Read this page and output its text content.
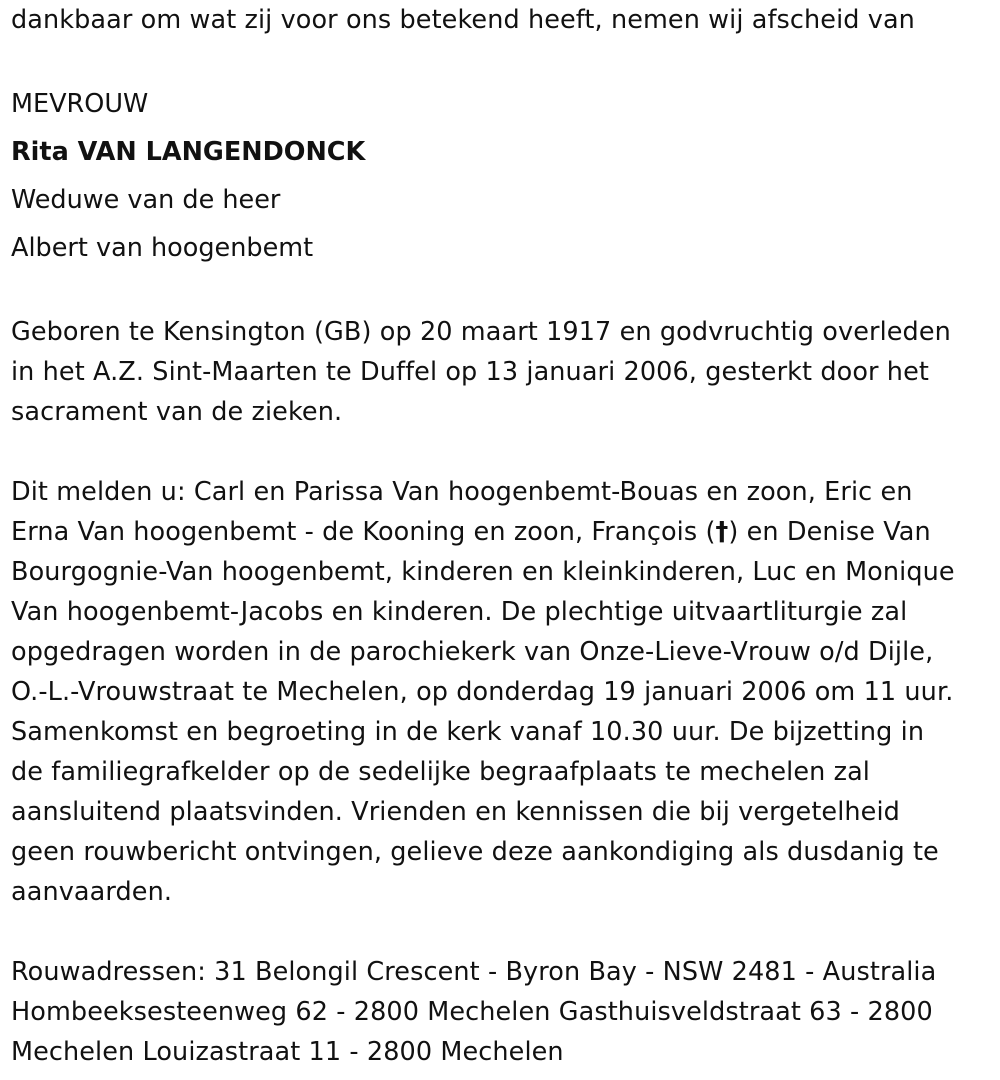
dankbaar om wat zij voor ons betekend heeft, nemen wij afscheid van
MEVROUW
Rita VAN LANGENDONCK
Weduwe van de heer
Albert van hoogenbemt
Geboren te Kensington (GB) op 20 maart 1917 en godvruchtig overleden
in het A.Z. Sint-Maarten te Duffel op 13 januari 2006, gesterkt door het
sacrament van de zieken.
Dit melden u: Carl en Parissa Van hoogenbemt-Bouas en zoon, Eric en
Erna Van hoogenbemt - de Kooning en zoon, François (†) en Denise Van
Bourgognie-Van hoogenbemt, kinderen en kleinkinderen, Luc en Monique
Van hoogenbemt-Jacobs en kinderen. De plechtige uitvaartliturgie zal
opgedragen worden in de parochiekerk van Onze-Lieve-Vrouw o/d Dijle,
O.-L.-Vrouwstraat te Mechelen, op donderdag 19 januari 2006 om 11 uur.
Samenkomst en begroeting in de kerk vanaf 10.30 uur. De bijzetting in
de familiegrafkelder op de sedelijke begraafplaats te mechelen zal
aansluitend plaatsvinden. Vrienden en kennissen die bij vergetelheid
geen rouwbericht ontvingen, gelieve deze aankondiging als dusdanig te
aanvaarden.
Rouwadressen: 31 Belongil Crescent - Byron Bay - NSW 2481 - Australia
Hombeeksesteenweg 62 - 2800 Mechelen Gasthuisveldstraat 63 - 2800
Mechelen Louizastraat 11 - 2800 Mechelen
